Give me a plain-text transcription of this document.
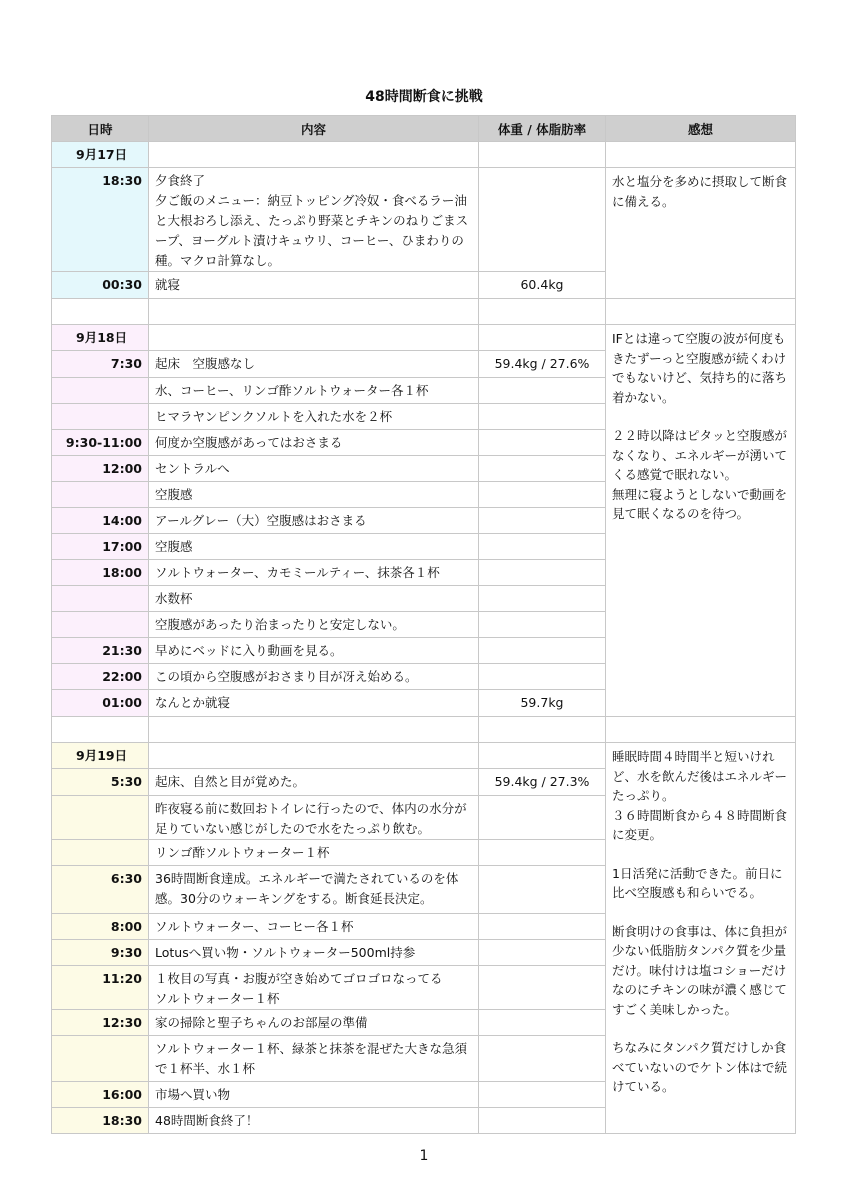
48時間断食に挑戦
日時	内容	体重 / 体脂肪率	感想
9月17日			
18:30	夕食終了
夕ご飯のメニュー：納豆トッピング冷奴・食べるラー油と大根おろし添え、たっぷり野菜とチキンのねりごまスープ、ヨーグルト漬けキュウリ、コーヒー、ひまわりの種。マクロ計算なし。		水と塩分を多めに摂取して断食に備える。

00:30	就寝	60.4kg	

9月18日			IFとは違って空腹の波が何度もきたずーっと空腹感が続くわけでもないけど、気持ち的に落ち着かない。

２２時以降はピタッと空腹感がなくなり、エネルギーが湧いてくる感覚で眠れない。
無理に寝ようとしないで動画を見て眠くなるのを待つ。

7:30	起床　空腹感なし	59.4kg / 27.6%	

	水、コーヒー、リンゴ酢ソルトウォーター各１杯		

	ヒマラヤンピンクソルトを入れた水を２杯		

9:30-11:00	何度か空腹感があってはおさまる		

12:00	セントラルへ		

	空腹感		

14:00	アールグレー（大）空腹感はおさまる		

17:00	空腹感		

18:00	ソルトウォーター、カモミールティー、抹茶各１杯		

	水数杯		

	空腹感があったり治まったりと安定しない。		

21:30	早めにベッドに入り動画を見る。		

22:00	この頃から空腹感がおさまり目が冴え始める。		

01:00	なんとか就寝	59.7kg	

9月19日			睡眠時間４時間半と短いけれど、水を飲んだ後はエネルギーたっぷり。
３６時間断食から４８時間断食に変更。

1日活発に活動できた。前日に比べ空腹感も和らいでる。

断食明けの食事は、体に負担が少ない低脂肪タンパク質を少量だけ。味付けは塩コショーだけなのにチキンの味が濃く感じてすごく美味しかった。

ちなみにタンパク質だけしか食べていないのでケトン体はで続けている。

5:30	起床、自然と目が覚めた。	59.4kg / 27.3%	

	昨夜寝る前に数回おトイレに行ったので、体内の水分が足りていない感じがしたので水をたっぷり飲む。		

	リンゴ酢ソルトウォーター１杯		

6:30	36時間断食達成。エネルギーで満たされているのを体感。30分のウォーキングをする。断食延長決定。		

8:00	ソルトウォーター、コーヒー各１杯		

9:30	Lotusへ買い物・ソルトウォーター500ml持参		

11:20	１枚目の写真・お腹が空き始めてゴロゴロなってる
ソルトウォーター１杯		

12:30	家の掃除と聖子ちゃんのお部屋の準備		

	ソルトウォーター１杯、緑茶と抹茶を混ぜた大きな急須で１杯半、水１杯		

16:00	市場へ買い物		

18:30	48時間断食終了！		
1
